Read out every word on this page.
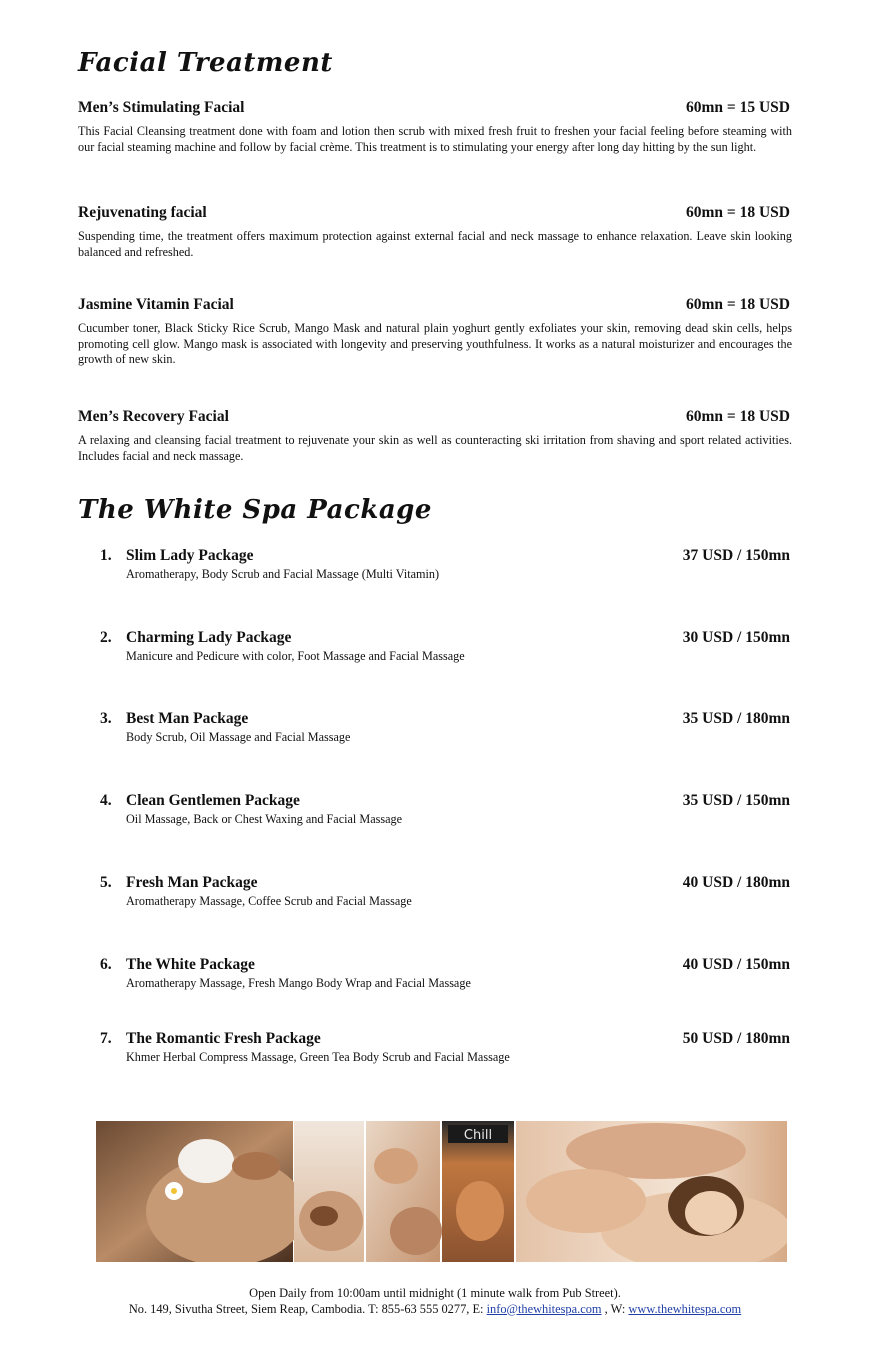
Facial Treatment
Men’s Stimulating Facial	60mn = 15 USD
This Facial Cleansing treatment done with foam and lotion then scrub with mixed fresh fruit to freshen your facial feeling before steaming with our facial steaming machine and follow by facial crème. This treatment is to stimulating your energy after long day hitting by the sun light.
Rejuvenating facial	60mn = 18 USD
Suspending time, the treatment offers maximum protection against external facial and neck massage to enhance relaxation. Leave skin looking balanced and refreshed.
Jasmine Vitamin Facial	60mn = 18 USD
Cucumber toner, Black Sticky Rice Scrub, Mango Mask and natural plain yoghurt gently exfoliates your skin, removing dead skin cells, helps promoting cell glow. Mango mask is associated with longevity and preserving youthfulness. It works as a natural moisturizer and encourages the growth of new skin.
Men’s Recovery Facial	60mn = 18 USD
A relaxing and cleansing facial treatment to rejuvenate your skin as well as counteracting ski irritation from shaving and sport related activities. Includes facial and neck massage.
The White Spa Package
1. Slim Lady Package	37 USD / 150mn
Aromatherapy, Body Scrub and Facial Massage (Multi Vitamin)
2. Charming Lady Package	30 USD / 150mn
Manicure and Pedicure with color, Foot Massage and Facial Massage
3. Best Man Package	35 USD / 180mn
Body Scrub, Oil Massage and Facial Massage
4. Clean Gentlemen Package	35 USD / 150mn
Oil Massage, Back or Chest Waxing and Facial Massage
5. Fresh Man Package	40 USD / 180mn
Aromatherapy Massage, Coffee Scrub and Facial Massage
6. The White Package	40 USD / 150mn
Aromatherapy Massage, Fresh Mango Body Wrap and Facial Massage
7. The Romantic Fresh Package	50 USD / 180mn
Khmer Herbal Compress Massage, Green Tea Body Scrub and Facial Massage
Chill
Open Daily from 10:00am until midnight (1 minute walk from Pub Street).
No. 149, Sivutha Street, Siem Reap, Cambodia. T: 855-63 555 0277, E: info@thewhitespa.com , W: www.thewhitespa.com
